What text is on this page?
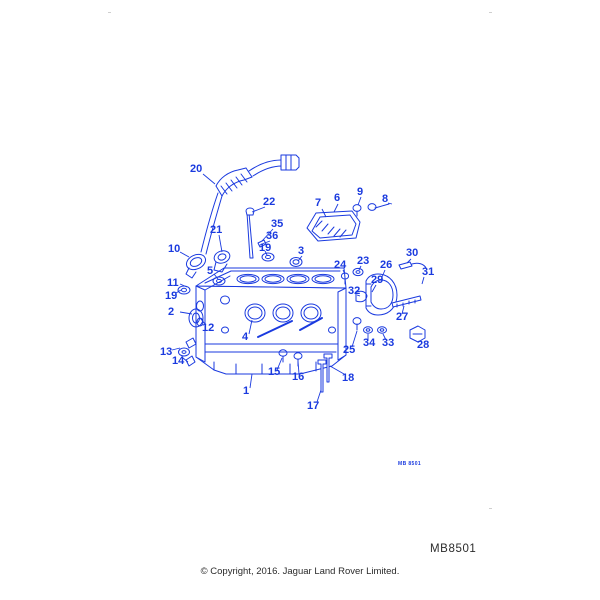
1
2
3
4
5
6
7	8
9
10
11
12
13
14
15 16
17
18
19
19
20
21
22
23
24
25
26
27
28
29
30
31
32
33
34
35
36
MB 8501
MB8501
© Copyright, 2016. Jaguar Land Rover Limited.
